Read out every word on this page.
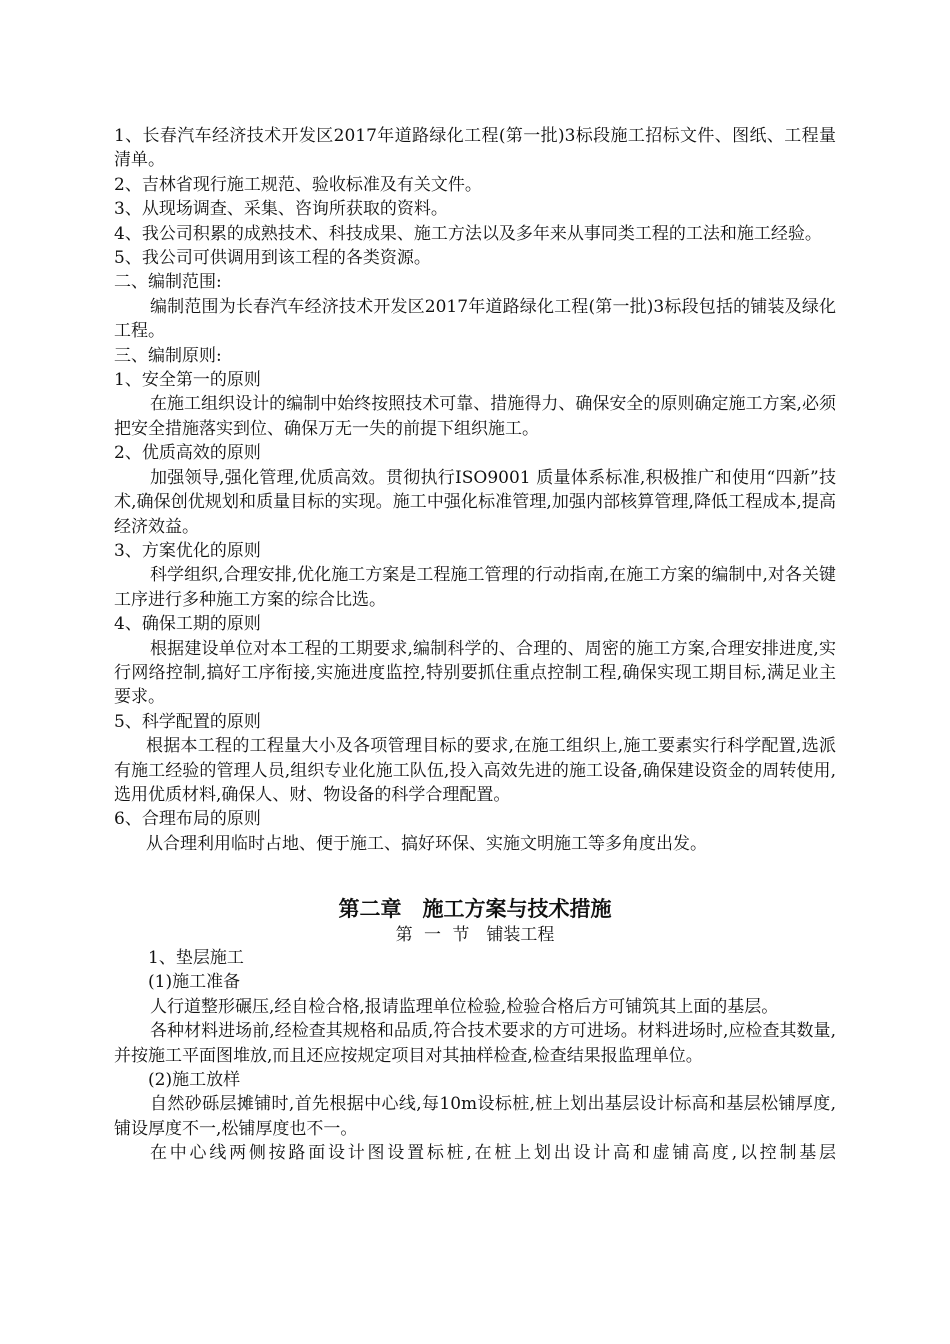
1、长春汽车经济技术开发区2017年道路绿化工程(第一批)3标段施工招标文件、图纸、工程量清单。

2、吉林省现行施工规范、验收标准及有关文件。

3、从现场调查、采集、咨询所获取的资料。

4、我公司积累的成熟技术、科技成果、施工方法以及多年来从事同类工程的工法和施工经验。

5、我公司可供调用到该工程的各类资源。

二、编制范围:

编制范围为长春汽车经济技术开发区2017年道路绿化工程(第一批)3标段包括的铺装及绿化工程。

三、编制原则:

1、安全第一的原则

在施工组织设计的编制中始终按照技术可靠、措施得力、确保安全的原则确定施工方案,必须把安全措施落实到位、确保万无一失的前提下组织施工。

2、优质高效的原则

加强领导,强化管理,优质高效。贯彻执行ISO9001 质量体系标准,积极推广和使用“四新”技术,确保创优规划和质量目标的实现。施工中强化标准管理,加强内部核算管理,降低工程成本,提高经济效益。

3、方案优化的原则

科学组织,合理安排,优化施工方案是工程施工管理的行动指南,在施工方案的编制中,对各关键工序进行多种施工方案的综合比选。

4、确保工期的原则

根据建设单位对本工程的工期要求,编制科学的、合理的、周密的施工方案,合理安排进度,实行网络控制,搞好工序衔接,实施进度监控,特别要抓住重点控制工程,确保实现工期目标,满足业主要求。

5、科学配置的原则

根据本工程的工程量大小及各项管理目标的要求,在施工组织上,施工要素实行科学配置,选派有施工经验的管理人员,组织专业化施工队伍,投入高效先进的施工设备,确保建设资金的周转使用,选用优质材料,确保人、财、物设备的科学合理配置。

6、合理布局的原则

从合理利用临时占地、便于施工、搞好环保、实施文明施工等多角度出发。

第二章　施工方案与技术措施

第 一 节　铺装工程

1、垫层施工

(1)施工准备

人行道整形碾压,经自检合格,报请监理单位检验,检验合格后方可铺筑其上面的基层。

各种材料进场前,经检查其规格和品质,符合技术要求的方可进场。材料进场时,应检查其数量,并按施工平面图堆放,而且还应按规定项目对其抽样检查,检查结果报监理单位。

(2)施工放样

自然砂砾层摊铺时,首先根据中心线,每10m设标桩,桩上划出基层设计标高和基层松铺厚度,铺设厚度不一,松铺厚度也不一。

在中心线两侧按路面设计图设置标桩,在桩上划出设计高和虚铺高度,以控制基层
